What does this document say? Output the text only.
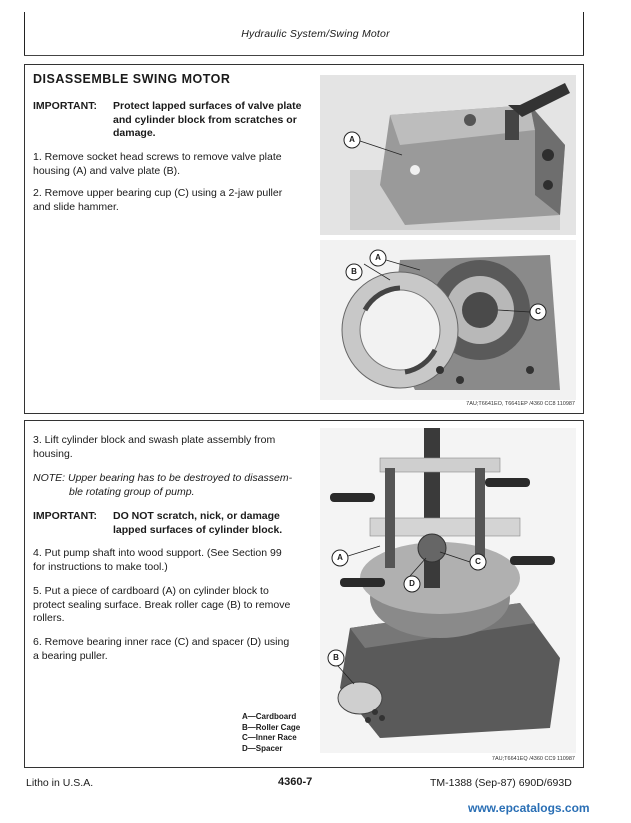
Hydraulic System/Swing Motor
DISASSEMBLE SWING MOTOR
IMPORTANT: Protect lapped surfaces of valve plate
and cylinder block from scratches or
damage.
1. Remove socket head screws to remove valve plate
housing (A) and valve plate (B).
2. Remove upper bearing cup (C) using a 2-jaw puller
and slide hammer.
A
B
A
C
7AU;T6641EO, T6641EP /4360 CC8 110987
3. Lift cylinder block and swash plate assembly from
housing.
NOTE: Upper bearing has to be destroyed to disassem-
ble rotating group of pump.
IMPORTANT: DO NOT scratch, nick, or damage
lapped surfaces of cylinder block.
4. Put pump shaft into wood support. (See Section 99
for instructions to make tool.)
5. Put a piece of cardboard (A) on cylinder block to
protect sealing surface. Break roller cage (B) to remove
rollers.
6. Remove bearing inner race (C) and spacer (D) using
a bearing puller.
A
D
C
B
A—Cardboard
B—Roller Cage
C—Inner Race
D—Spacer
7AU;T6641EQ /4360 CC9 110987
Litho in U.S.A.	4360-7	TM-1388 (Sep-87) 690D/693D
www.epcatalogs.com
